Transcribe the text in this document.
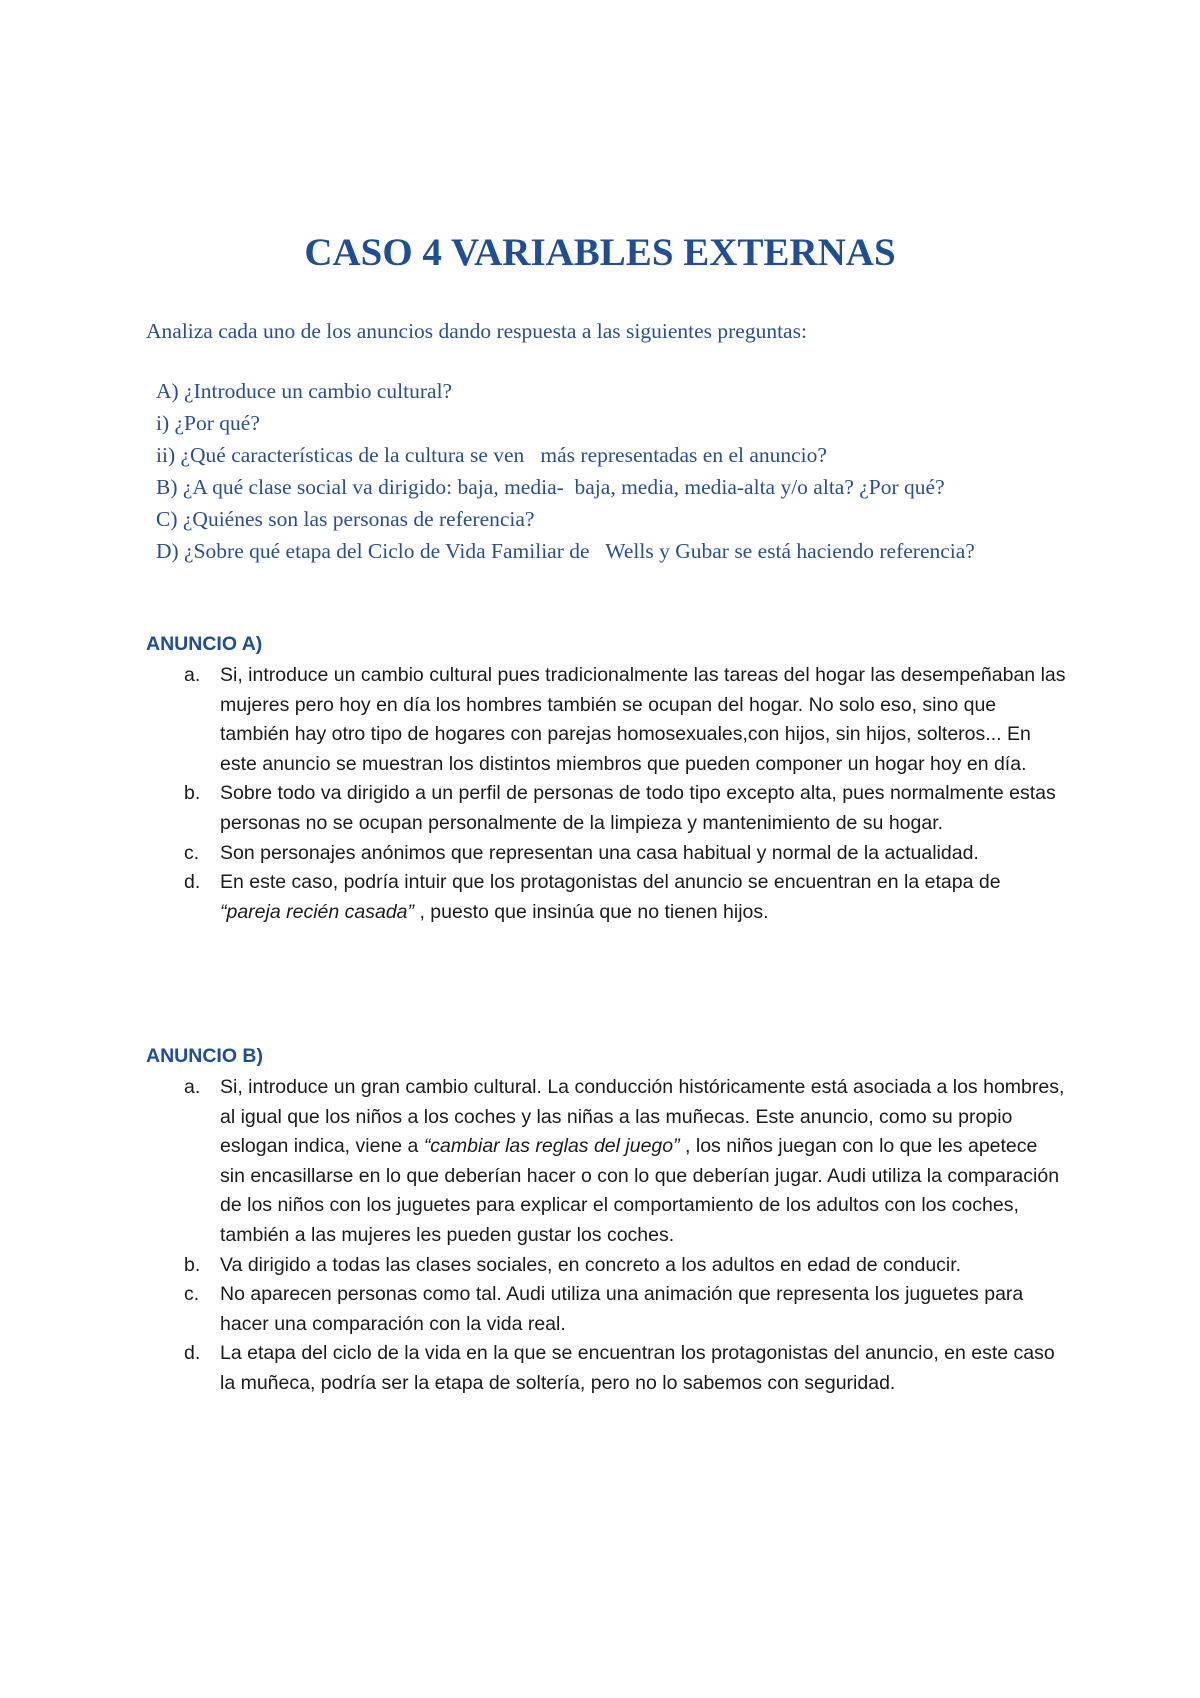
CASO 4 VARIABLES EXTERNAS
Analiza cada uno de los anuncios dando respuesta a las siguientes preguntas:
A) ¿Introduce un cambio cultural?
i) ¿Por qué?
ii) ¿Qué características de la cultura se ven   más representadas en el anuncio?
B) ¿A qué clase social va dirigido: baja, media-  baja, media, media-alta y/o alta? ¿Por qué?
C) ¿Quiénes son las personas de referencia?
D) ¿Sobre qué etapa del Ciclo de Vida Familiar de   Wells y Gubar se está haciendo referencia?
ANUNCIO A)
a. Si, introduce un cambio cultural pues tradicionalmente las tareas del hogar las desempeñaban las mujeres pero hoy en día los hombres también se ocupan del hogar. No solo eso, sino que también hay otro tipo de hogares con parejas homosexuales,con hijos, sin hijos, solteros... En este anuncio se muestran los distintos miembros que pueden componer un hogar hoy en día.
b. Sobre todo va dirigido a un perfil de personas de todo tipo excepto alta, pues normalmente estas personas no se ocupan personalmente de la limpieza y mantenimiento de su hogar.
c. Son personajes anónimos que representan una casa habitual y normal de la actualidad.
d. En este caso, podría intuir que los protagonistas del anuncio se encuentran en la etapa de “pareja recién casada” , puesto que insinúa que no tienen hijos.
ANUNCIO B)
a. Si, introduce un gran cambio cultural. La conducción históricamente está asociada a los hombres, al igual que los niños a los coches y las niñas a las muñecas. Este anuncio, como su propio eslogan indica, viene a “cambiar las reglas del juego” , los niños juegan con lo que les apetece sin encasillarse en lo que deberían hacer o con lo que deberían jugar. Audi utiliza la comparación de los niños con los juguetes para explicar el comportamiento de los adultos con los coches, también a las mujeres les pueden gustar los coches.
b. Va dirigido a todas las clases sociales, en concreto a los adultos en edad de conducir.
c. No aparecen personas como tal. Audi utiliza una animación que representa los juguetes para hacer una comparación con la vida real.
d. La etapa del ciclo de la vida en la que se encuentran los protagonistas del anuncio, en este caso la muñeca, podría ser la etapa de soltería, pero no lo sabemos con seguridad.
